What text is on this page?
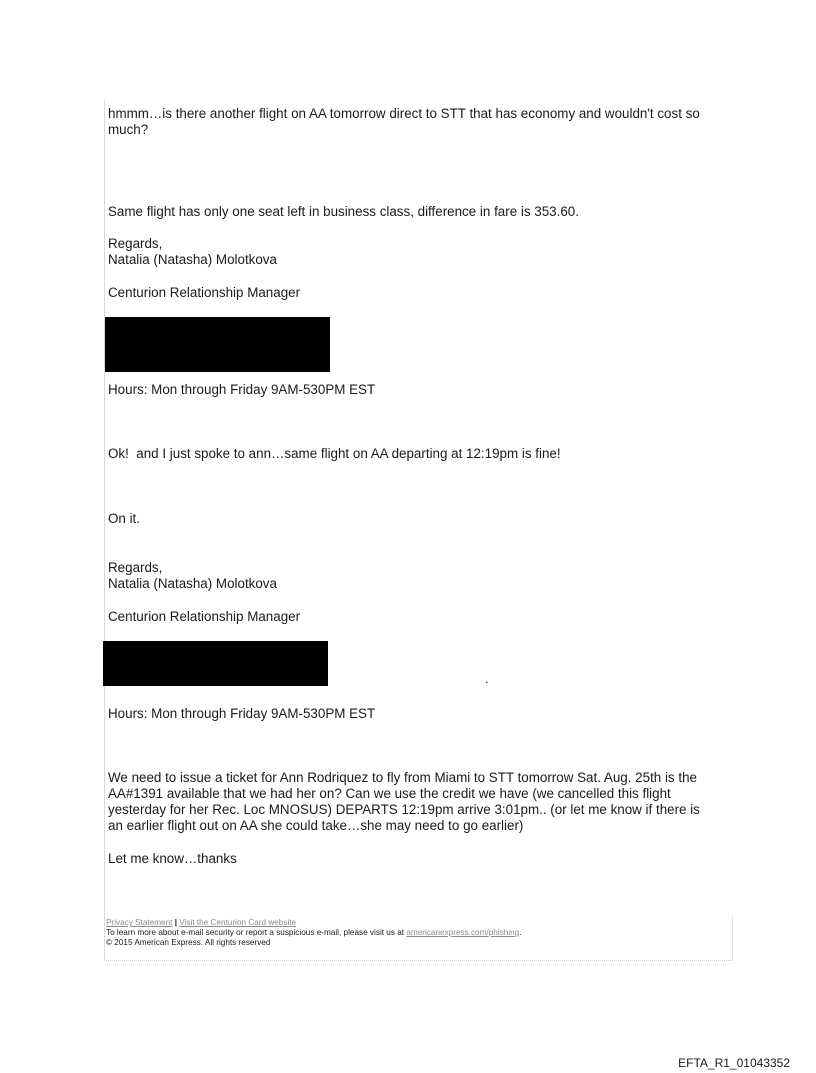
hmmm…is there another flight on AA tomorrow direct to STT that has economy and wouldn't cost so
much?

Same flight has only one seat left in business class, difference in fare is 353.60.

Regards,

Natalia (Natasha) Molotkova

Centurion Relationship Manager

Hours: Mon through Friday 9AM-530PM EST

Ok!  and I just spoke to ann…same flight on AA departing at 12:19pm is fine!

On it.

Regards,

Natalia (Natasha) Molotkova

Centurion Relationship Manager

.

Hours: Mon through Friday 9AM-530PM EST

We need to issue a ticket for Ann Rodriquez to fly from Miami to STT tomorrow Sat. Aug. 25th is the
AA#1391 available that we had her on? Can we use the credit we have (we cancelled this flight
yesterday for her Rec. Loc MNOSUS) DEPARTS 12:19pm arrive 3:01pm.. (or let me know if there is
an earlier flight out on AA she could take…she may need to go earlier)

Let me know…thanks

Privacy Statement | Visit the Centurion Card website
To learn more about e-mail security or report a suspicious e-mail, please visit us at americanexpress.com/phishing.
© 2015 American Express. All rights reserved
EFTA_R1_01043352
